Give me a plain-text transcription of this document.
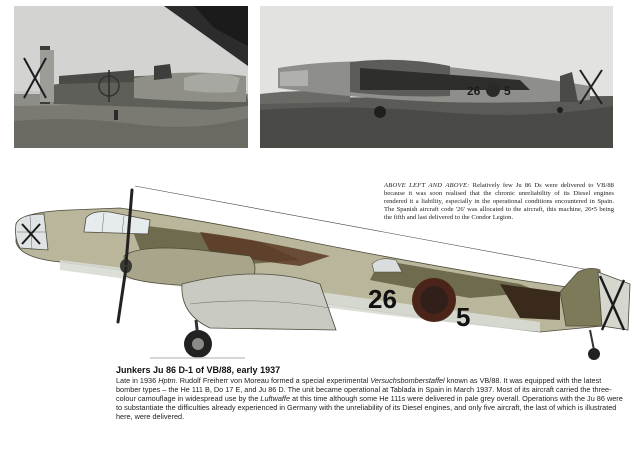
26 5
ABOVE LEFT AND ABOVE: Relatively few Ju 86 Ds were delivered to VB/88 because it was soon realised that the chronic unreliability of its Diesel engines rendered it a liability, especially in the operational conditions encountered in Spain. The Spanish aircraft code '26' was allocated to the aircraft, this machine, 26•5 being the fifth and last delivered to the Condor Legion.
26
5
Junkers Ju 86 D-1 of VB/88, early 1937

Late in 1936 Hptm. Rudolf Freiherr von Moreau formed a special experimental Versuchsbomberstaffel known as VB/88. It was equipped with the latest bomber types – the He 111 B, Do 17 E, and Ju 86 D. The unit became operational at Tablada in Spain in March 1937. Most of its aircraft carried the three-colour camouflage in widespread use by the Luftwaffe at this time although some He 111s were delivered in pale grey overall. Operations with the Ju 86 were to substantiate the difficulties already experienced in Germany with the unreliability of its Diesel engines, and only five aircraft, the last of which is illustrated here, were delivered.
